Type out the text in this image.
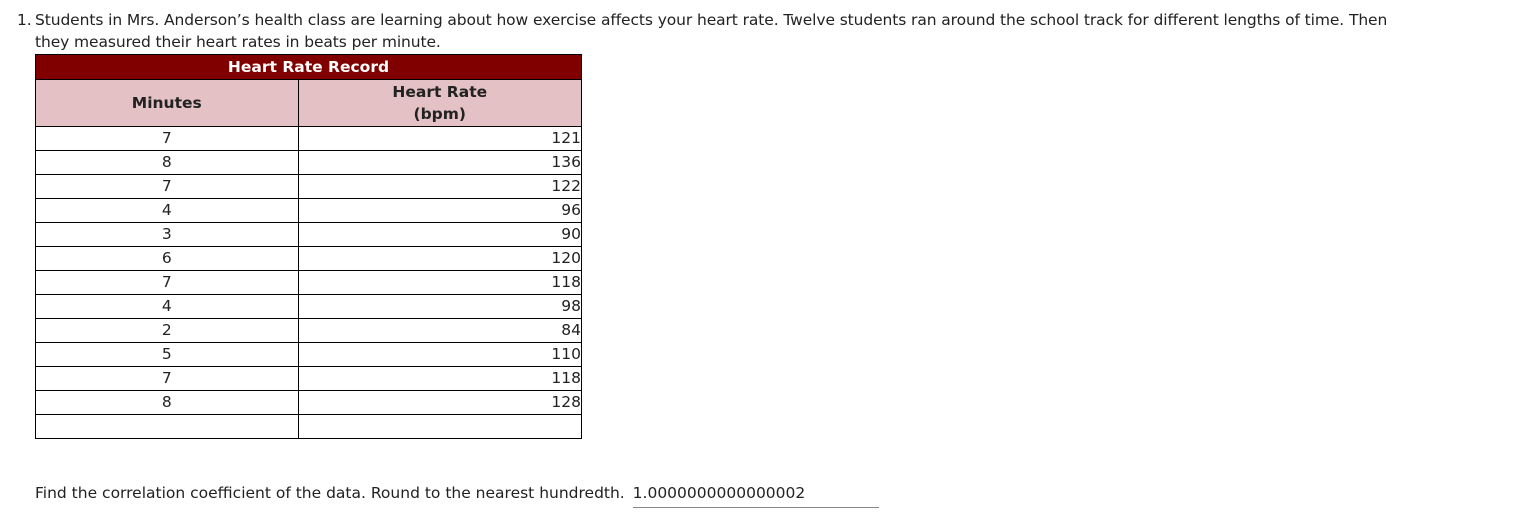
1. Students in Mrs. Anderson’s health class are learning about how exercise affects your heart rate. Twelve students ran around the school track for different lengths of time. Then
they measured their heart rates in beats per minute.
Heart Rate Record	
Minutes	Heart Rate
(bpm)
7	121
8	136
7	122
4	96
3	90
6	120
7	118
4	98
2	84
5	110
7	118
8	128

Find the correlation coefficient of the data. Round to the nearest hundredth. 1.0000000000000002
